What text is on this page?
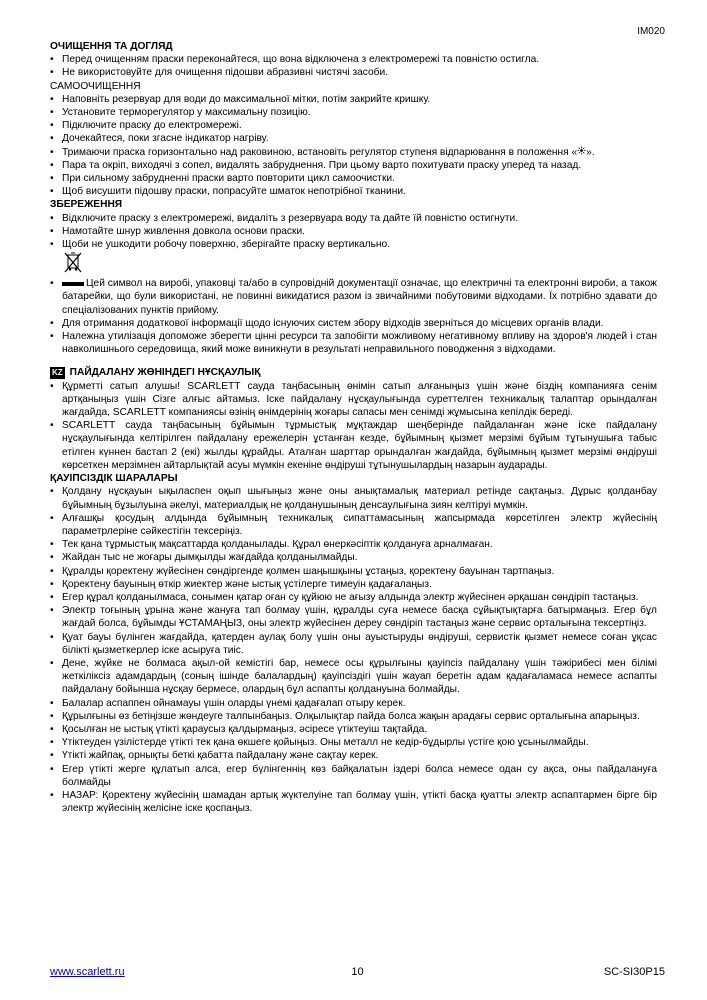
IM020
ОЧИЩЕННЯ ТА ДОГЛЯД
• Перед очищенням праски переконайтеся, що вона відключена з електромережі та повністю остигла.
• Не використовуйте для очищення підошви абразивні чистячі засоби.
САМООЧИЩЕННЯ
• Наповніть резервуар для води до максимальної мітки, потім закрийте кришку.
• Установите терморегулятор у максимальну позицію.
• Підключите праску до електромережі.
• Дочекайтеся, поки згасне індикатор нагріву.
• Тримаючи праска горизонтально над раковиною, встановіть регулятор ступеня відпарювання в положення « ».
• Пара та окріп, виходячі з сопел, видалять забруднення. При цьому варто похитувати праску уперед та назад.
• При сильному забрудненні праски варто повторити цикл самоочистки.
• Щоб висушити підошву праски, попрасуйте шматок непотрібної тканини.
ЗБЕРЕЖЕННЯ
• Відключите праску з електромережі, видаліть з резервуара воду та дайте їй повністю остигнути.
• Намотайте шнур живлення довкола основи праски.
• Щоби не ушкодити робочу поверхню, зберігайте праску вертикально.
• Цей символ на виробі, упаковці та/або в супровідній документації означає, що електричні та електронні вироби, а також батарейки, що були використані, не повинні викидатися разом із звичайними побутовими відходами. Їх потрібно здавати до спеціалізованих пунктів прийому.
• Для отримання додаткової інформації щодо існуючих систем збору відходів зверніться до місцевих органів влади.
• Належна утилізація допоможе зберегти цінні ресурси та запобігти можливому негативному впливу на здоров'я людей і стан навколишнього середовища, який може виникнути в результаті неправильного поводження з відходами.
KZ ПАЙДАЛАНУ ЖӨНІНДЕГІ НҰСҚАУЛЫҚ
• Құрметті сатып алушы! SCARLETT сауда таңбасының өнімін сатып алғаныңыз үшін және біздің компанияға сенім артқаныңыз үшін Сізге алғыс айтамыз. Іске пайдалану нұсқаулығында суреттелген техникалық талаптар орындалған жағдайда, SCARLETT компаниясы өзінің өнімдерінің жоғары сапасы мен сенімді жұмысына кепілдік береді.
• SCARLETT сауда таңбасының бұйымын тұрмыстық мұқтаждар шеңберінде пайдаланған және іске пайдалану нұсқаулығында келтірілген пайдалану ережелерін ұстанған кезде, бұйымның қызмет мерзімі бұйым тұтынушыға табыс етілген күннен бастап 2 (екі) жылды құрайды. Аталған шарттар орындалған жағдайда, бұйымның қызмет мерзімі өндіруші көрсеткен мерзімнен айтарлықтай асуы мүмкін екеніне өндіруші тұтынушылардың назарын аударады.
ҚАУІПСІЗДІК ШАРАЛАРЫ
• Қолдану нұсқауын ықыласпен оқып шығыңыз және оны анықтамалық материал ретінде сақтаңыз. Дұрыс қолданбау бұйымның бұзылуына әкелуі, материалдық не қолданушының денсаулығына зиян келтіруі мүмкін.
• Алғашқы қосудың алдында бұйымның техникалық сипаттамасының жапсырмада көрсетілген электр жүйесінің параметрлеріне сәйкестігін тексеріңіз.
• Тек қана тұрмыстық мақсаттарда қолданылады. Құрал өнеркәсіптік қолдануға арналмаған.
• Жайдан тыс не жоғары дымқылды жағдайда қолданылмайды.
• Құралды қоректену жүйесінен сөндіргенде қолмен шаңышқыны ұстаңыз, қоректену бауынан тартпаңыз.
• Қоректену бауының өткір жиектер және ыстық үстілерге тимеуін қадағалаңыз.
• Егер құрал қолданылмаса, сонымен қатар оған су құйюю не ағызу алдында электр жүйесінен әрқашан сөндіріп тастаңыз.
• Электр тоғының ұрына және жануға тап болмау үшін, құралды суға немесе басқа сұйықтықтарға батырмаңыз. Егер бұл жағдай болса, бұйымды ҰСТАМАҢЫЗ, оны электр жүйесінен дереу сөндіріп тастаңыз және сервис орталығына тексертіңіз.
• Қуат бауы бүлінген жағдайда, қатерден аулақ болу үшін оны ауыстыруды өндіруші, сервистік қызмет немесе соған ұқсас білікті қызметкерлер іске асыруға тиіс.
• Дене, жүйке не болмаса ақыл-ой кемістігі бар, немесе осы құрылғыны қауіпсіз пайдалану үшін тәжірибесі мен білімі жеткіліксіз адамдардың (соның ішінде балалардың) қауіпсіздігі үшін жауап беретін адам қадағаламаса немесе аспапты пайдалану бойынша нұсқау бермесе, олардың бұл аспапты қолдануына болмайды.
• Балалар аспаппен ойнамауы үшін оларды үнемі қадағалап отыру керек.
• Құрылғыны өз бетіңізше жөндеуге талпынбаңыз. Олқылықтар пайда болса жақын арадағы сервис орталығына апарыңыз.
• Қосылған не ыстық үтікті қараусыз қалдырмаңыз, әсіресе үтіктеуіш тақтайда.
• Үтіктеуден үзілістерде үтікті тек қана өкшеге қойыңыз. Оны металл не кедір-бұдырлы үстіге қою ұсынылмайды.
• Үтікті жайпақ, орнықты беткі қабатта пайдалану және сақтау керек.
• Егер үтікті жерге құлатып алса, егер бүлінгеннің көз байқалатын іздері болса немесе одан су ақса, оны пайдалануға болмайды
• НАЗАР: Қоректену жүйесінің шамадан артық жүктелуіне тап болмау үшін, үтікті басқа қуатты электр аспаптармен бірге бір электр жүйесінің желісіне іске қоспаңыз.
www.scarlett.ru	10	SC-SI30P15
